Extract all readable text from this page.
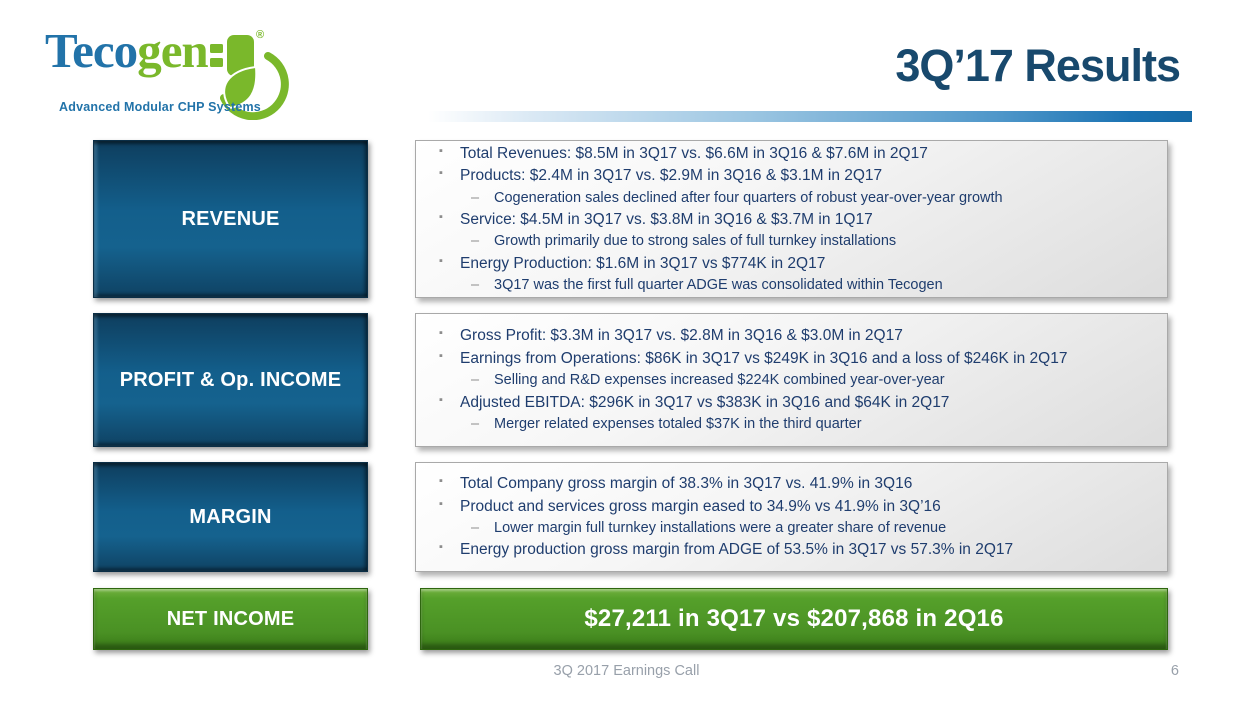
Teco gen	®
Advanced Modular CHP Systems
3Q’17 Results
REVENUE
▪ Total Revenues: $8.5M in 3Q17 vs. $6.6M in 3Q16 & $7.6M in 2Q17
▪ Products: $2.4M in 3Q17 vs. $2.9M in 3Q16 & $3.1M in 2Q17
– Cogeneration sales declined after four quarters of robust year-over-year growth
▪ Service: $4.5M in 3Q17 vs. $3.8M in 3Q16 & $3.7M in 1Q17
– Growth primarily due to strong sales of full turnkey installations
▪ Energy Production: $1.6M in 3Q17 vs $774K in 2Q17
– 3Q17 was the first full quarter ADGE was consolidated within Tecogen
PROFIT & Op. INCOME
▪ Gross Profit: $3.3M in 3Q17 vs. $2.8M in 3Q16 & $3.0M in 2Q17
▪ Earnings from Operations: $86K in 3Q17 vs $249K in 3Q16 and a loss of $246K in 2Q17
– Selling and R&D expenses increased $224K combined year-over-year
▪ Adjusted EBITDA: $296K in 3Q17 vs $383K in 3Q16 and $64K in 2Q17
– Merger related expenses totaled $37K in the third quarter
MARGIN
▪ Total Company gross margin of 38.3% in 3Q17 vs. 41.9% in 3Q16
▪ Product and services gross margin eased to 34.9% vs 41.9% in 3Q’16
– Lower margin full turnkey installations were a greater share of revenue
▪ Energy production gross margin from ADGE of 53.5% in 3Q17 vs 57.3% in 2Q17
NET INCOME	$27,211 in 3Q17 vs $207,868 in 2Q16
3Q 2017 Earnings Call	6
